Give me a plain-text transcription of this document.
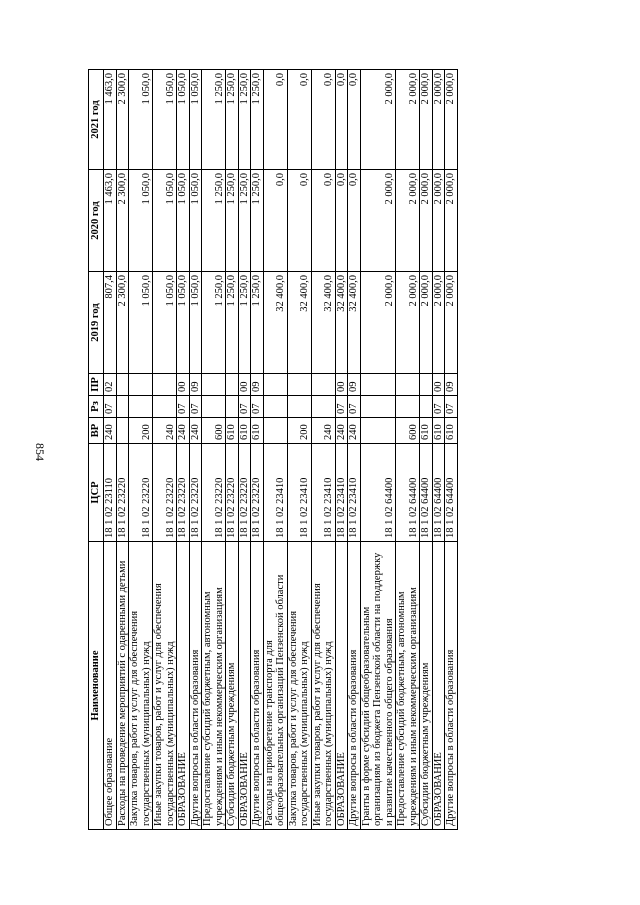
854
Наименование	ЦСР	ВР	Рз	ПР	2019 год	2020 год	2021 год
Общее образование	18 1 02 23110	240	07	02	807,4	1 463,0	1 463,0
Расходы на проведение мероприятий с одаренными детьми	18 1 02 23220				2 300,0	2 300,0	2 300,0
Закупка товаров, работ и услуг для обеспечения государственных (муниципальных) нужд	18 1 02 23220	200			1 050,0	1 050,0	1 050,0
Иные закупки товаров, работ и услуг для обеспечения государственных (муниципальных) нужд	18 1 02 23220	240			1 050,0	1 050,0	1 050,0
ОБРАЗОВАНИЕ	18 1 02 23220	240	07	00	1 050,0	1 050,0	1 050,0
Другие вопросы в области образования	18 1 02 23220	240	07	09	1 050,0	1 050,0	1 050,0
Предоставление субсидий бюджетным, автономным учреждениям и иным некоммерческим организациям	18 1 02 23220	600			1 250,0	1 250,0	1 250,0
Субсидии бюджетным учреждениям	18 1 02 23220	610			1 250,0	1 250,0	1 250,0
ОБРАЗОВАНИЕ	18 1 02 23220	610	07	00	1 250,0	1 250,0	1 250,0
Другие вопросы в области образования	18 1 02 23220	610	07	09	1 250,0	1 250,0	1 250,0
Расходы на приобретение транспорта для общеобразовательных организаций Пензенской области	18 1 02 23410				32 400,0	0,0	0,0
Закупка товаров, работ и услуг для обеспечения государственных (муниципальных) нужд	18 1 02 23410	200			32 400,0	0,0	0,0
Иные закупки товаров, работ и услуг для обеспечения государственных (муниципальных) нужд	18 1 02 23410	240			32 400,0	0,0	0,0
ОБРАЗОВАНИЕ	18 1 02 23410	240	07	00	32 400,0	0,0	0,0
Другие вопросы в области образования	18 1 02 23410	240	07	09	32 400,0	0,0	0,0
Гранты в форме субсидий общеобразовательным организациям из бюджета Пензенской области на поддержку и развитие качественного общего образования	18 1 02 64400				2 000,0	2 000,0	2 000,0
Предоставление субсидий бюджетным, автономным учреждениям и иным некоммерческим организациям	18 1 02 64400	600			2 000,0	2 000,0	2 000,0
Субсидии бюджетным учреждениям	18 1 02 64400	610			2 000,0	2 000,0	2 000,0
ОБРАЗОВАНИЕ	18 1 02 64400	610	07	00	2 000,0	2 000,0	2 000,0
Другие вопросы в области образования	18 1 02 64400	610	07	09	2 000,0	2 000,0	2 000,0
